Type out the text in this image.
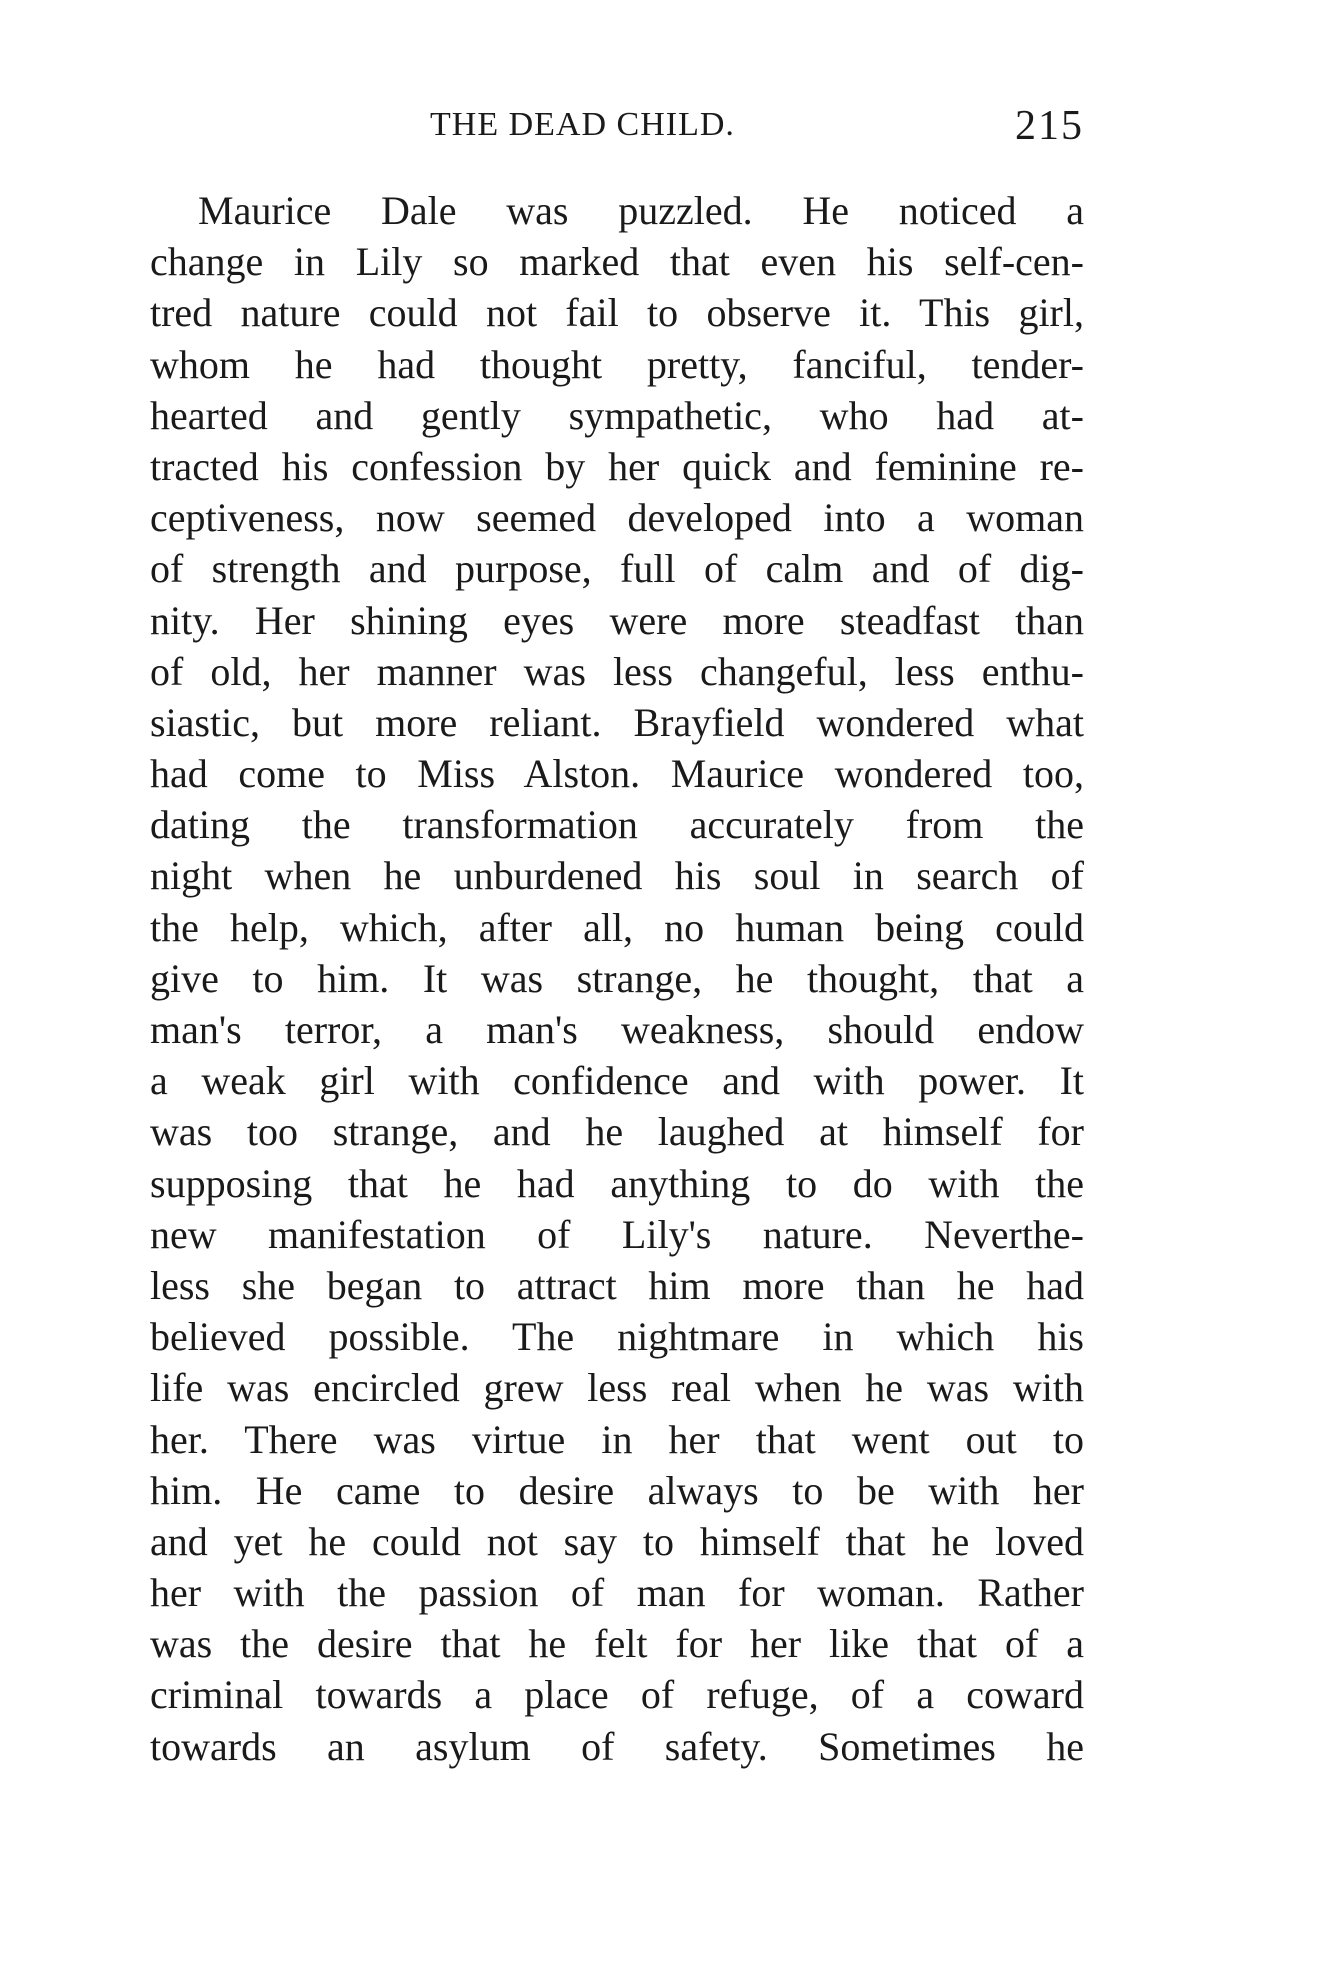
THE DEAD CHILD.	215
Maurice Dale was puzzled. He noticed a
change in Lily so marked that even his self-cen-
tred nature could not fail to observe it. This girl,
whom he had thought pretty, fanciful, tender-
hearted and gently sympathetic, who had at-
tracted his confession by her quick and feminine re-
ceptiveness, now seemed developed into a woman
of strength and purpose, full of calm and of dig-
nity. Her shining eyes were more steadfast than
of old, her manner was less changeful, less enthu-
siastic, but more reliant. Brayfield wondered what
had come to Miss Alston. Maurice wondered too,
dating the transformation accurately from the
night when he unburdened his soul in search of
the help, which, after all, no human being could
give to him. It was strange, he thought, that a
man's terror, a man's weakness, should endow
a weak girl with confidence and with power. It
was too strange, and he laughed at himself for
supposing that he had anything to do with the
new manifestation of Lily's nature. Neverthe-
less she began to attract him more than he had
believed possible. The nightmare in which his
life was encircled grew less real when he was with
her. There was virtue in her that went out to
him. He came to desire always to be with her
and yet he could not say to himself that he loved
her with the passion of man for woman. Rather
was the desire that he felt for her like that of a
criminal towards a place of refuge, of a coward
towards an asylum of safety. Sometimes he
